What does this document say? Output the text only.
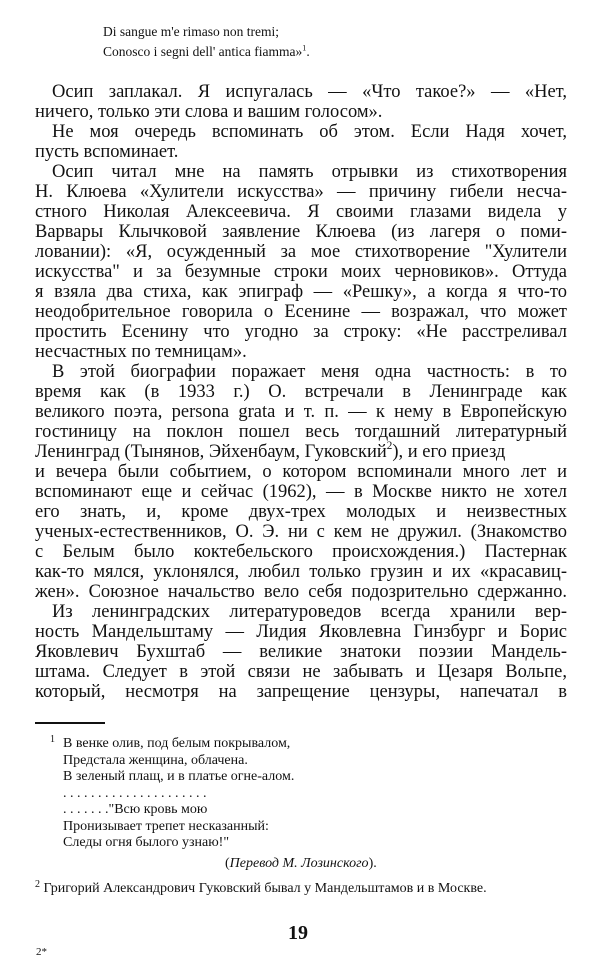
Di sangue m'e rimaso non tremi;
Conosco i segni dell' antica fiamma»$^1$.
Осип заплакал. Я испугалась — «Что такое?» — «Нет,
ничего, только эти слова и вашим голосом».
Не моя очередь вспоминать об этом. Если Надя хочет,
пусть вспоминает.
Осип читал мне на память отрывки из стихотворения
Н. Клюева «Хулители искусства» — причину гибели несча-
стного Николая Алексеевича. Я своими глазами видела у
Варвары Клычковой заявление Клюева (из лагеря о поми-
ловании): «Я, осужденный за мое стихотворение "Хулители
искусства" и за безумные строки моих черновиков». Оттуда
я взяла два стиха, как эпиграф — «Решку», а когда я что-то
неодобрительное говорила о Есенине — возражал, что может
простить Есенину что угодно за строку: «Не расстреливал
несчастных по темницам».
В этой биографии поражает меня одна частность: в то
время как (в 1933 г.) О. встречали в Ленинграде как
великого поэта, persona grata и т. п. — к нему в Европейскую
гостиницу на поклон пошел весь тогдашний литературный
Ленинград (Тынянов, Эйхенбаум, Гуковский$^2$), и его приезд
и вечера были событием, о котором вспоминали много лет и
вспоминают еще и сейчас (1962), — в Москве никто не хотел
его знать, и, кроме двух-трех молодых и неизвестных
ученых-естественников, О. Э. ни с кем не дружил. (Знакомство
с Белым было коктебельского происхождения.) Пастернак
как-то мялся, уклонялся, любил только грузин и их «красавиц-
жен». Союзное начальство вело себя подозрительно сдержанно.
Из ленинградских литературоведов всегда хранили вер-
ность Мандельштаму — Лидия Яковлевна Гинзбург и Борис
Яковлевич Бухштаб — великие знатоки поэзии Мандель-
штама. Следует в этой связи не забывать и Цезаря Вольпе,
который, несмотря на запрещение цензуры, напечатал в
1 В венке олив, под белым покрывалом,
Предстала женщина, облачена.
В зеленый плащ, и в платье огне-алом.
. . . . . . . . . . . . . . . . . . . . .
. . . . . . ."Всю кровь мою
Пронизывает трепет несказанный:
Следы огня былого узнаю!"
(Перевод М. Лозинского).
$^2$ Григорий Александрович Гуковский бывал у Мандельштамов и в Москве.
19
2*
